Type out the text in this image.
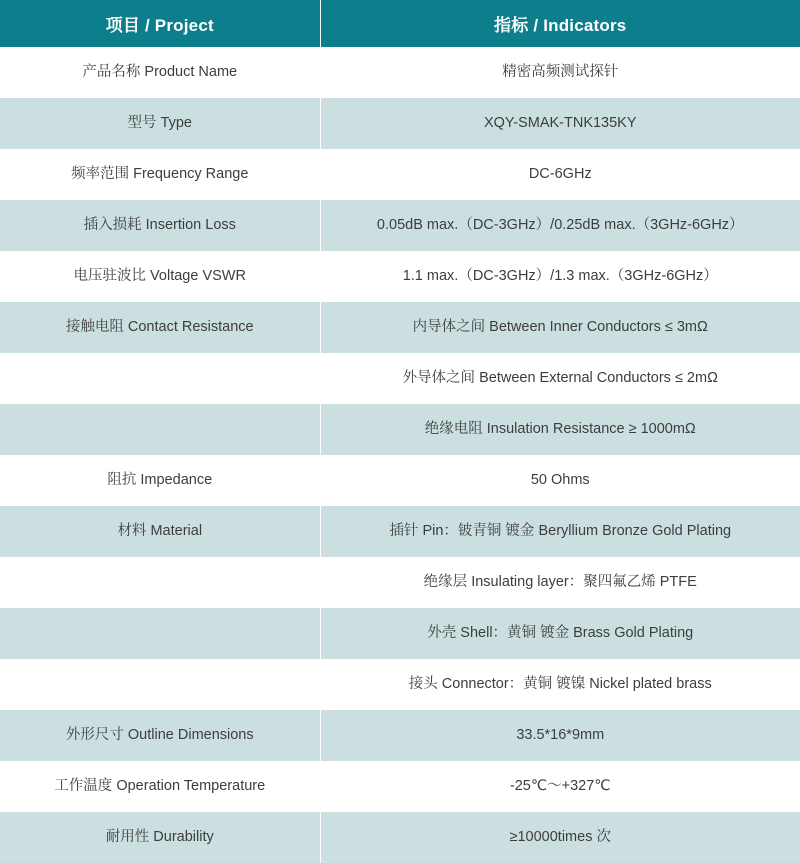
项目 / Project	指标 / Indicators
产品名称 Product Name	精密高频测试探针
型号 Type	XQY-SMAK-TNK135KY
频率范围 Frequency Range	DC-6GHz
插入损耗 Insertion Loss	0.05dB max.（DC-3GHz）/0.25dB max.（3GHz-6GHz）
电压驻波比 Voltage VSWR	1.1 max.（DC-3GHz）/1.3 max.（3GHz-6GHz）
接触电阻 Contact Resistance	内导体之间 Between Inner Conductors ≤ 3mΩ
	外导体之间 Between External Conductors ≤ 2mΩ
	绝缘电阻 Insulation Resistance ≥ 1000mΩ
阻抗 Impedance	50 Ohms
材料 Material	插针 Pin：铍青铜 镀金 Beryllium Bronze Gold Plating
	绝缘层 Insulating layer：聚四氟乙烯 PTFE
	外壳 Shell：黄铜 镀金 Brass Gold Plating
	接头 Connector：黄铜 镀镍 Nickel plated brass
外形尺寸 Outline Dimensions	33.5*16*9mm
工作温度 Operation Temperature	-25℃～+327℃
耐用性 Durability	≥10000times 次
